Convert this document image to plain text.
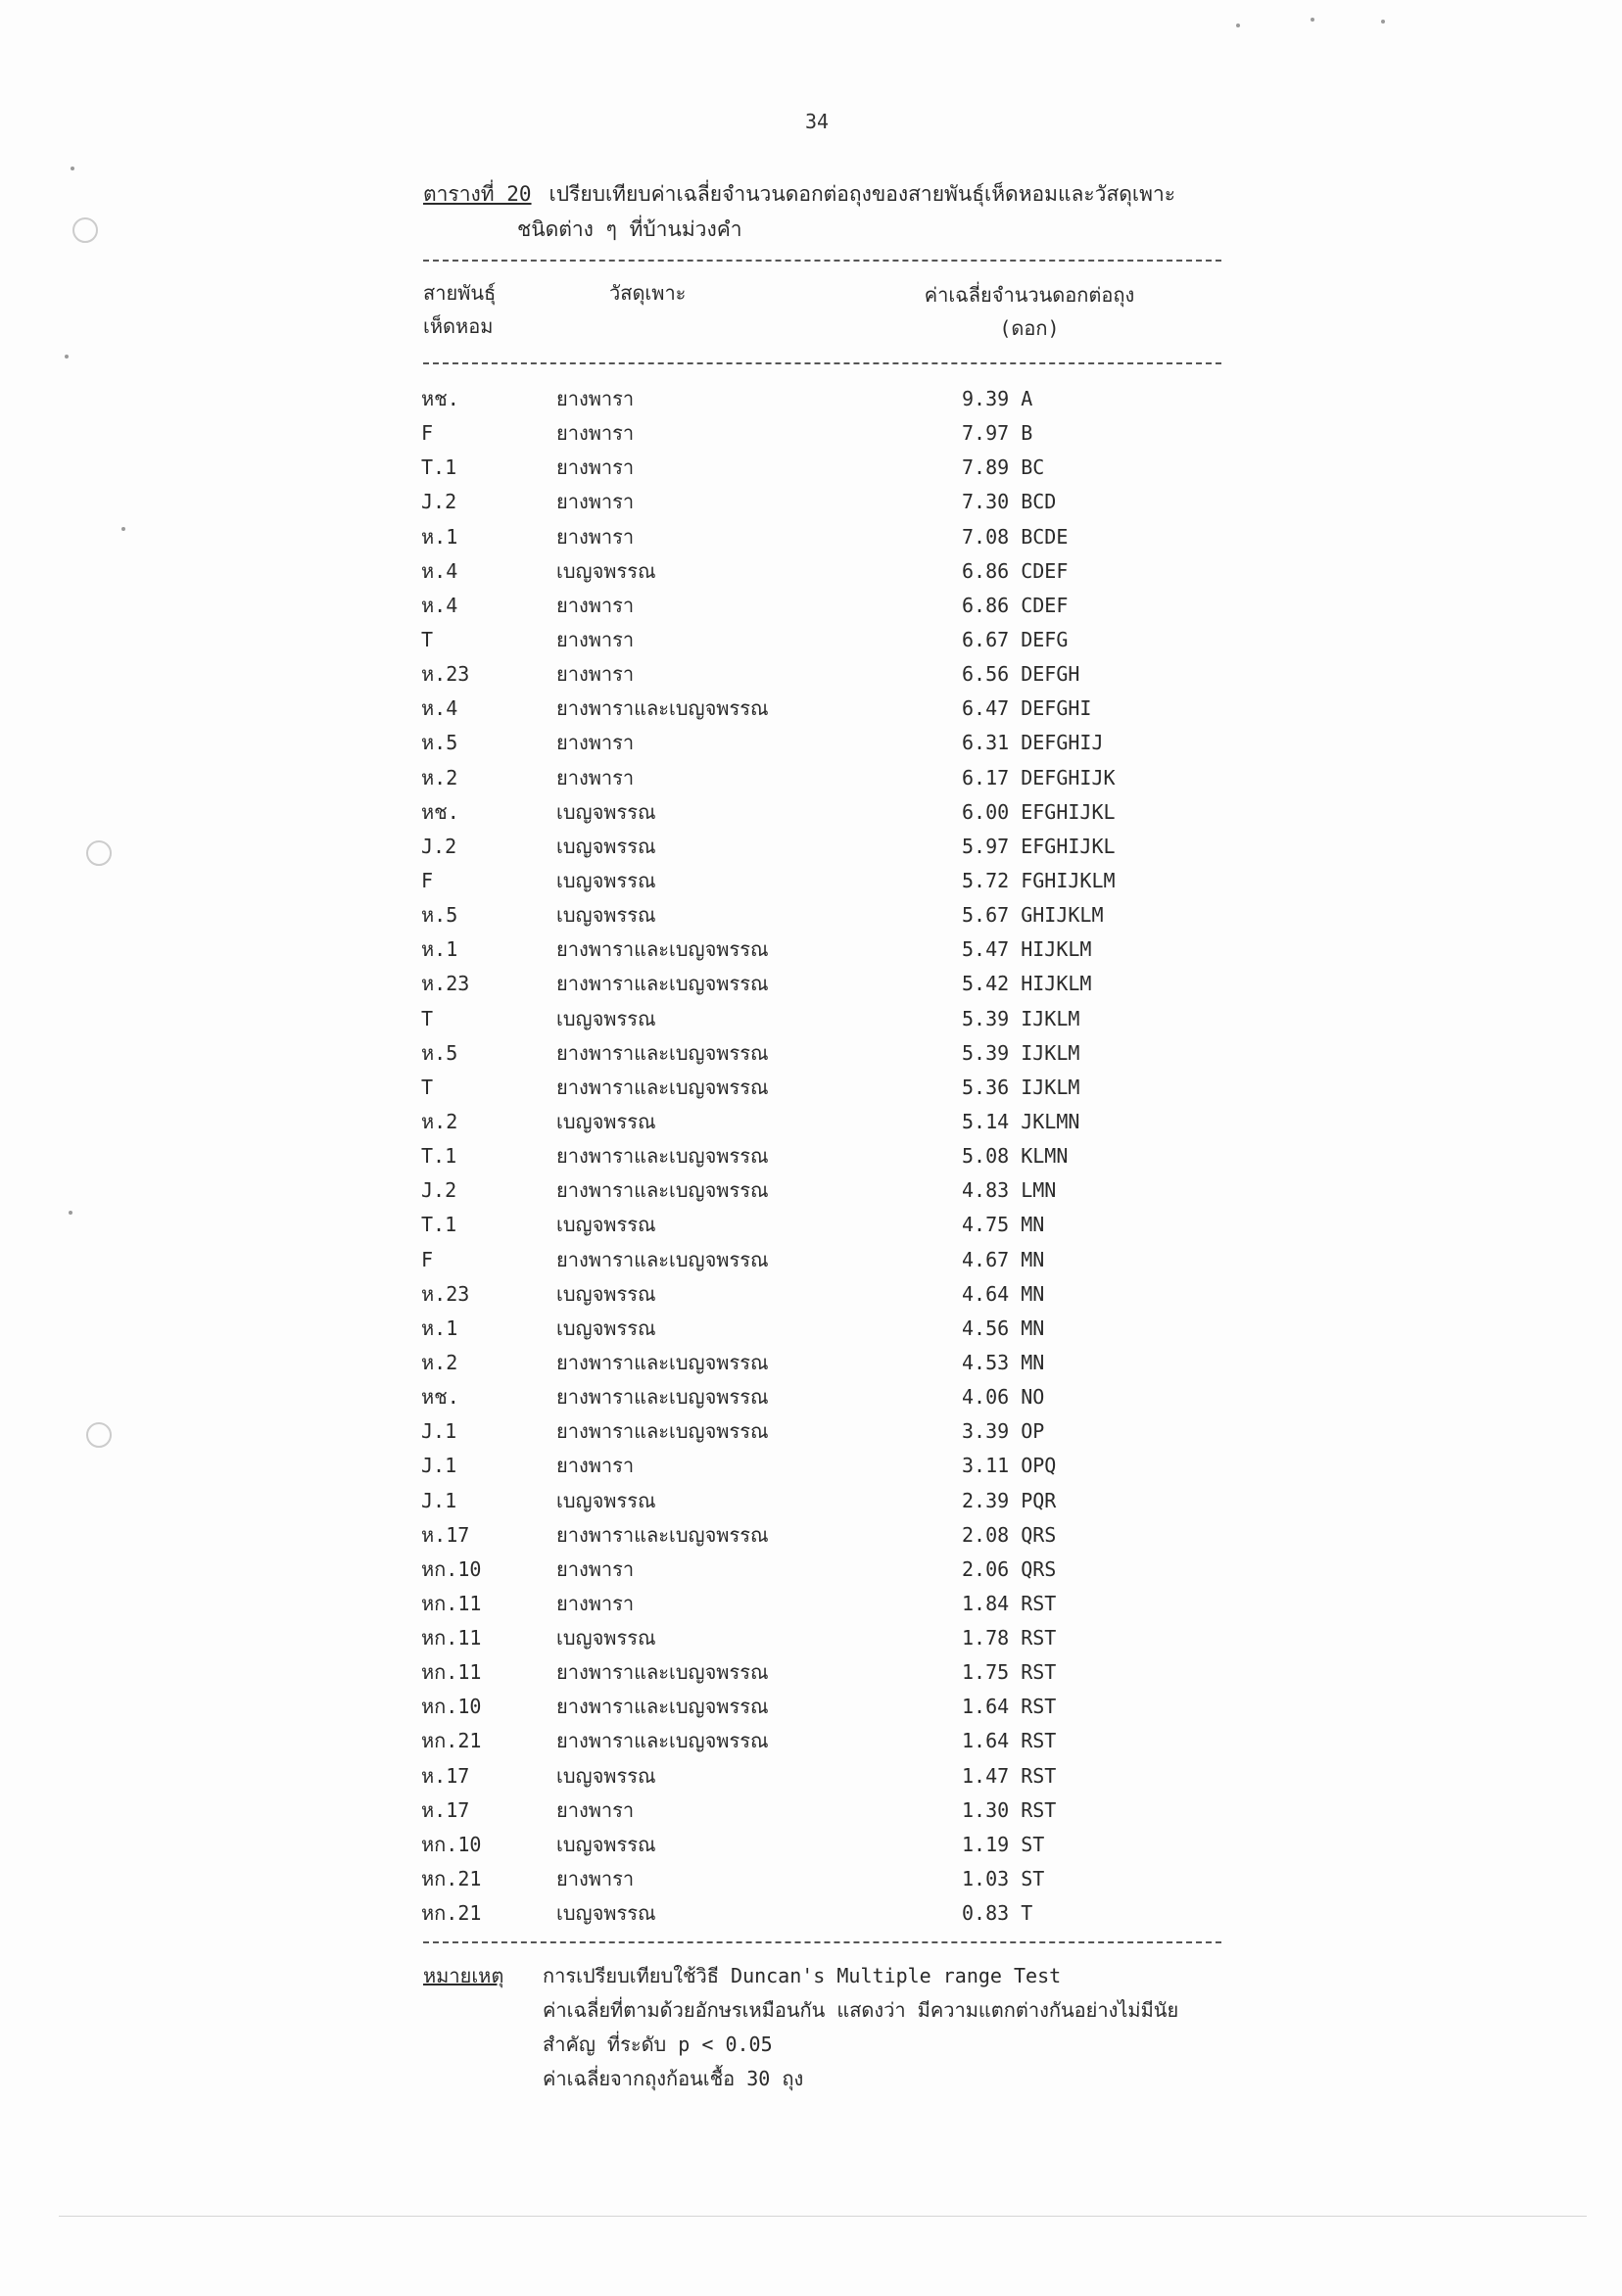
34
ตารางที่ 20 เปรียบเทียบค่าเฉลี่ยจำนวนดอกต่อถุงของสายพันธุ์เห็ดหอมและวัสดุเพาะ
ชนิดต่าง ๆ ที่บ้านม่วงคำ
สายพันธุ์
เห็ดหอม
วัสดุเพาะ	ค่าเฉลี่ยจำนวนดอกต่อถุง
(ดอก)
หช.	ยางพารา	9.39 A
F	ยางพารา	7.97 B
T.1	ยางพารา	7.89 BC
J.2	ยางพารา	7.30 BCD
ห.1	ยางพารา	7.08 BCDE
ห.4	เบญจพรรณ	6.86 CDEF
ห.4	ยางพารา	6.86 CDEF
T	ยางพารา	6.67 DEFG
ห.23	ยางพารา	6.56 DEFGH
ห.4	ยางพาราและเบญจพรรณ	6.47 DEFGHI
ห.5	ยางพารา	6.31 DEFGHIJ
ห.2	ยางพารา	6.17 DEFGHIJK
หช.	เบญจพรรณ	6.00 EFGHIJKL
J.2	เบญจพรรณ	5.97 EFGHIJKL
F	เบญจพรรณ	5.72 FGHIJKLM
ห.5	เบญจพรรณ	5.67 GHIJKLM
ห.1	ยางพาราและเบญจพรรณ	5.47 HIJKLM
ห.23	ยางพาราและเบญจพรรณ	5.42 HIJKLM
T	เบญจพรรณ	5.39 IJKLM
ห.5	ยางพาราและเบญจพรรณ	5.39 IJKLM
T	ยางพาราและเบญจพรรณ	5.36 IJKLM
ห.2	เบญจพรรณ	5.14 JKLMN
T.1	ยางพาราและเบญจพรรณ	5.08 KLMN
J.2	ยางพาราและเบญจพรรณ	4.83 LMN
T.1	เบญจพรรณ	4.75 MN
F	ยางพาราและเบญจพรรณ	4.67 MN
ห.23	เบญจพรรณ	4.64 MN
ห.1	เบญจพรรณ	4.56 MN
ห.2	ยางพาราและเบญจพรรณ	4.53 MN
หช.	ยางพาราและเบญจพรรณ	4.06 NO
J.1	ยางพาราและเบญจพรรณ	3.39 OP
J.1	ยางพารา	3.11 OPQ
J.1	เบญจพรรณ	2.39 PQR
ห.17	ยางพาราและเบญจพรรณ	2.08 QRS
หก.10	ยางพารา	2.06 QRS
หก.11	ยางพารา	1.84 RST
หก.11	เบญจพรรณ	1.78 RST
หก.11	ยางพาราและเบญจพรรณ	1.75 RST
หก.10	ยางพาราและเบญจพรรณ	1.64 RST
หก.21	ยางพาราและเบญจพรรณ	1.64 RST
ห.17	เบญจพรรณ	1.47 RST
ห.17	ยางพารา	1.30 RST
หก.10	เบญจพรรณ	1.19 ST
หก.21	ยางพารา	1.03 ST
หก.21	เบญจพรรณ	0.83 T
หมายเหตุ การเปรียบเทียบใช้วิธี Duncan's Multiple range Test
ค่าเฉลี่ยที่ตามด้วยอักษรเหมือนกัน แสดงว่า มีความแตกต่างกันอย่างไม่มีนัย
สำคัญ ที่ระดับ p < 0.05
ค่าเฉลี่ยจากถุงก้อนเชื้อ 30 ถุง
